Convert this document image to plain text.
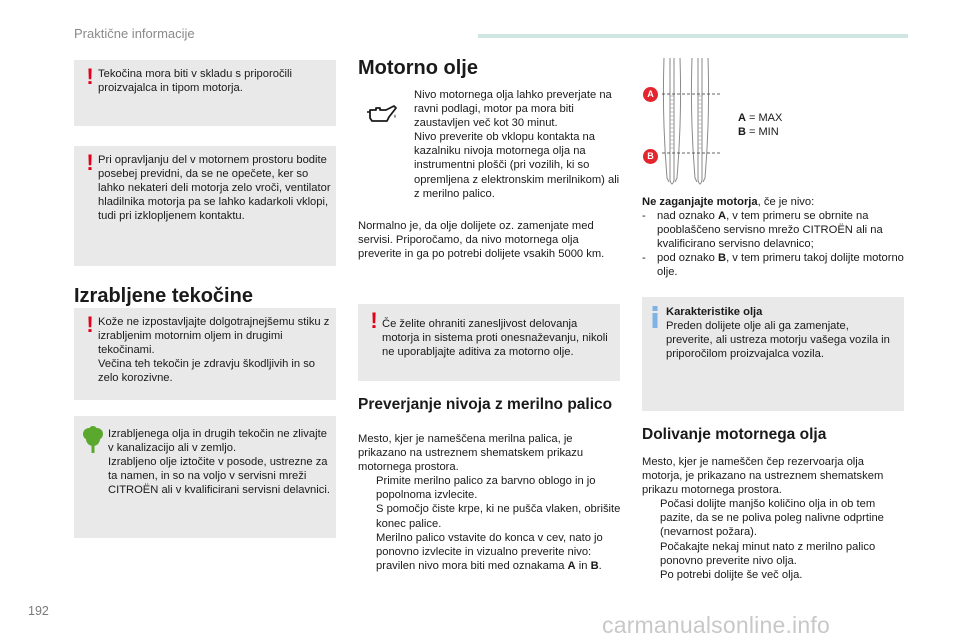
Praktične informacije
! Tekočina mora biti v skladu s priporočili proizvajalca in tipom motorja.
! Pri opravljanju del v motornem prostoru bodite posebej previdni, da se ne opečete, ker so lahko nekateri deli motorja zelo vroči, ventilator hladilnika motorja pa se lahko kadarkoli vklopi, tudi pri izklopljenem kontaktu.
Izrabljene tekočine
! Kože ne izpostavljajte dolgotrajnejšemu stiku z izrabljenim motornim oljem in drugimi tekočinami.
Večina teh tekočin je zdravju škodljivih in so zelo korozivne.
Izrabljenega olja in drugih tekočin ne zlivajte v kanalizacijo ali v zemljo.
Izrabljeno olje iztočite v posode, ustrezne za ta namen, in so na voljo v servisni mreži CITROËN ali v kvalificirani servisni delavnici.
Motorno olje
Nivo motornega olja lahko preverjate na ravni podlagi, motor pa mora biti zaustavljen več kot 30 minut.
Nivo preverite ob vklopu kontakta na kazalniku nivoja motornega olja na instrumentni plošči (pri vozilih, ki so opremljena z elektronskim merilnikom) ali z merilno palico.
Normalno je, da olje dolijete oz. zamenjate med servisi. Priporočamo, da nivo motornega olja preverite in ga po potrebi dolijete vsakih 5000 km.
! Če želite ohraniti zanesljivost delovanja motorja in sistema proti onesnaževanju, nikoli ne uporabljajte aditiva za motorno olje.
Preverjanje nivoja z merilno palico
Mesto, kjer je nameščena merilna palica, je prikazano na ustreznem shematskem prikazu motornega prostora.
Primite merilno palico za barvno oblogo in jo popolnoma izvlecite.
S pomočjo čiste krpe, ki ne pušča vlaken, obrišite konec palice.
Merilno palico vstavite do konca v cev, nato jo ponovno izvlecite in vizualno preverite nivo: pravilen nivo mora biti med oznakama A in B.
A
B
A = MAX
B = MIN
Ne zaganjajte motorja, če je nivo:
- nad oznako A, v tem primeru se obrnite na pooblaščeno servisno mrežo CITROËN ali na kvalificirano servisno delavnico;
- pod oznako B, v tem primeru takoj dolijte motorno olje.
Karakteristike olja
Preden dolijete olje ali ga zamenjate, preverite, ali ustreza motorju vašega vozila in priporočilom proizvajalca vozila.
Dolivanje motornega olja
Mesto, kjer je nameščen čep rezervoarja olja motorja, je prikazano na ustreznem shematskem prikazu motornega prostora.
Počasi dolijte manjšo količino olja in ob tem pazite, da se ne poliva poleg nalivne odprtine (nevarnost požara).
Počakajte nekaj minut nato z merilno palico ponovno preverite nivo olja.
Po potrebi dolijte še več olja.
192
carmanualsonline.info
